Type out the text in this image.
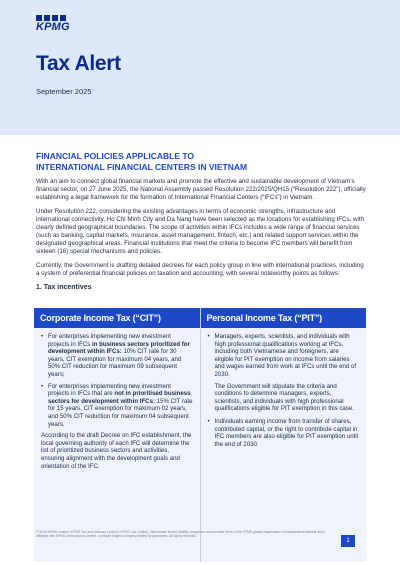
KPMG
Tax Alert
September 2025
FINANCIAL POLICIES APPLICABLE TO
INTERNATIONAL FINANCIAL CENTERS IN VIETNAM

With an aim to connect global financial markets and promote the effective and sustainable development of Vietnam’s financial sector, on 27 June 2025, the National Assembly passed Resolution 222/2025/QH15 (“Resolution 222”), officially establishing a legal framework for the formation of International Financial Centers (“IFCs”) in Vietnam.

Under Resolution 222, considering the existing advantages in terms of economic strengths, infrastructure and international connectivity, Ho Chi Minh City and Da Nang have been selected as the locations for establishing IFCs, with clearly defined geographical boundaries. The scope of activities within IFCs includes a wide range of financial services (such as banking, capital markets, insurance, asset management, fintech, etc.) and related support services within the designated geographical areas. Financial institutions that meet the criteria to become IFC members will benefit from sixteen (16) special mechanisms and policies.

Currently, the Government is drafting detailed decrees for each policy group in line with international practices, including a system of preferential financial policies on taxation and accounting, with several noteworthy points as follows:

1. Tax incentives
Corporate Income Tax (“CIT”)
• For enterprises implementing new investment projects in IFCs in business sectors prioritized for development within IFCs: 10% CIT rate for 30 years, CIT exemption for maximum 04 years, and 50% CIT reduction for maximum 09 subsequent years;
• For enterprises implementing new investment projects in IFCs that are not in prioritised business sectors for development within IFCs: 15% CIT rate for 15 years, CIT exemption for maximum 02 years, and 50% CIT reduction for maximum 04 subsequent years.

According to the draft Decree on IFC establishment, the local governing authority of each IFC will determine the list of prioritized business sectors and activities, ensuring alignment with the development goals and orientation of the IFC.

Personal Income Tax (“PIT”)
• Managers, experts, scientists, and individuals with high professional qualifications working at IFCs, including both Vietnamese and foreigners, are eligible for PIT exemption on income from salaries and wages earned from work at IFCs until the end of 2030.

The Government will stipulate the criteria and conditions to determine managers, experts, scientists, and individuals with high professional qualifications eligible for PIT exemption in this case.

• Individuals earning income from transfer of shares, contributed capital, or the right to contribute capital in IFC members are also eligible for PIT exemption until the end of 2030.
© 2025 KPMG Limited, KPMG Tax and Advisory Limited, KPMG Law Limited, Vietnamese limited liability companies and member firms of the KPMG global organization of independent member firms affiliated with KPMG International Limited, a private English company limited by guarantee. All rights reserved.
1
